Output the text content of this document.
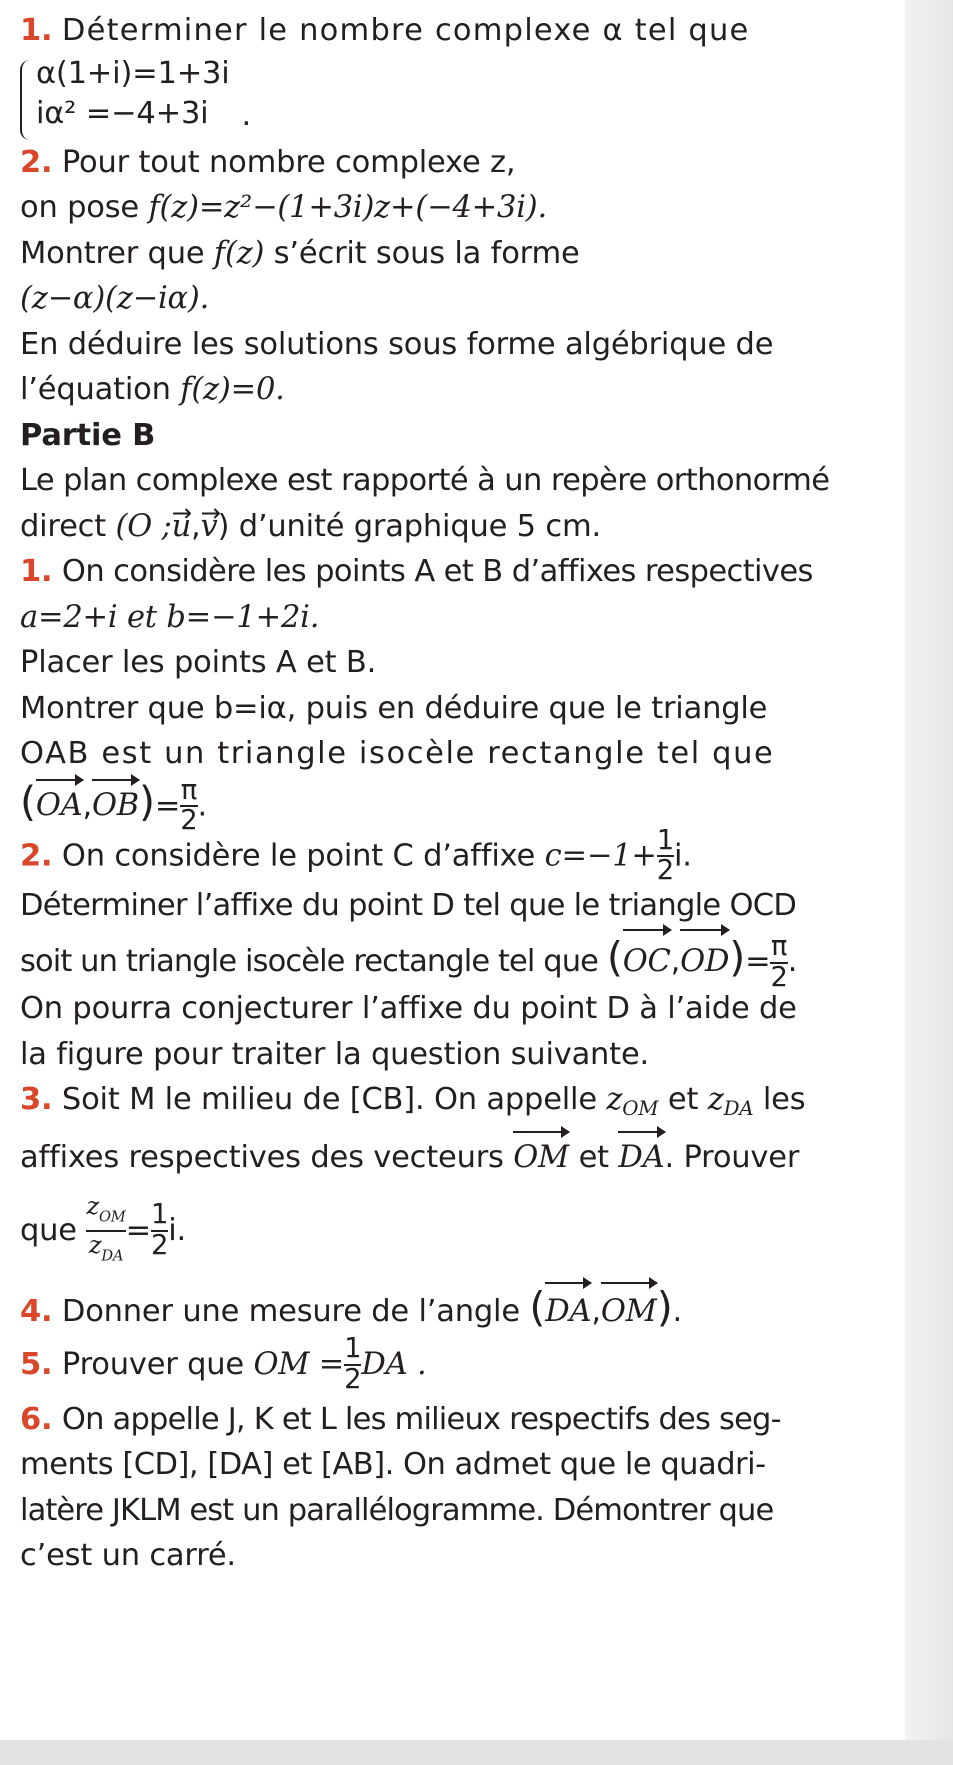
1. Déterminer le nombre complexe α tel que
α(1+i)=1+3i
iα² =−4+3i	.
2. Pour tout nombre complexe z,
on pose f(z)=z²−(1+3i)z+(−4+3i).
Montrer que f(z) s’écrit sous la forme
(z−α)(z−iα).
En déduire les solutions sous forme algébrique de
l’équation f(z)=0.
Partie B
Le plan complexe est rapporté à un repère orthonormé
direct (O ;→ u,→ v) d’unité graphique 5 cm.
1. On considère les points A et B d’affixes respectives
a=2+i et b=−1+2i.
Placer les points A et B.
Montrer que b=iα, puis en déduire que le triangle
OAB est un triangle isocèle rectangle tel que
$(OA,OB)= \frac{\pi}{2}$ .
2. On considère le point C d’affixe $c=-1+ \frac{1}{2} i$.
Déterminer l’affixe du point D tel que le triangle OCD
soit un triangle isocèle rectangle tel que $(OC,OD)= \frac{\pi}{2}$ .
On pourra conjecturer l’affixe du point D à l’aide de
la figure pour traiter la question suivante.
3. Soit M le milieu de [CB]. On appelle zOM et zDA les
affixes respectives des vecteurs OM et DA. Prouver
que $\frac{z_{OM}}{z_{DA}} = \frac{1}{2} i$.
4. Donner une mesure de l’angle (DA,OM).
5. Prouver que OM = $\frac{1}{2}$ DA .
6. On appelle J, K et L les milieux respectifs des seg-
ments [CD], [DA] et [AB]. On admet que le quadri-
latère JKLM est un parallélogramme. Démontrer que
c’est un carré.
